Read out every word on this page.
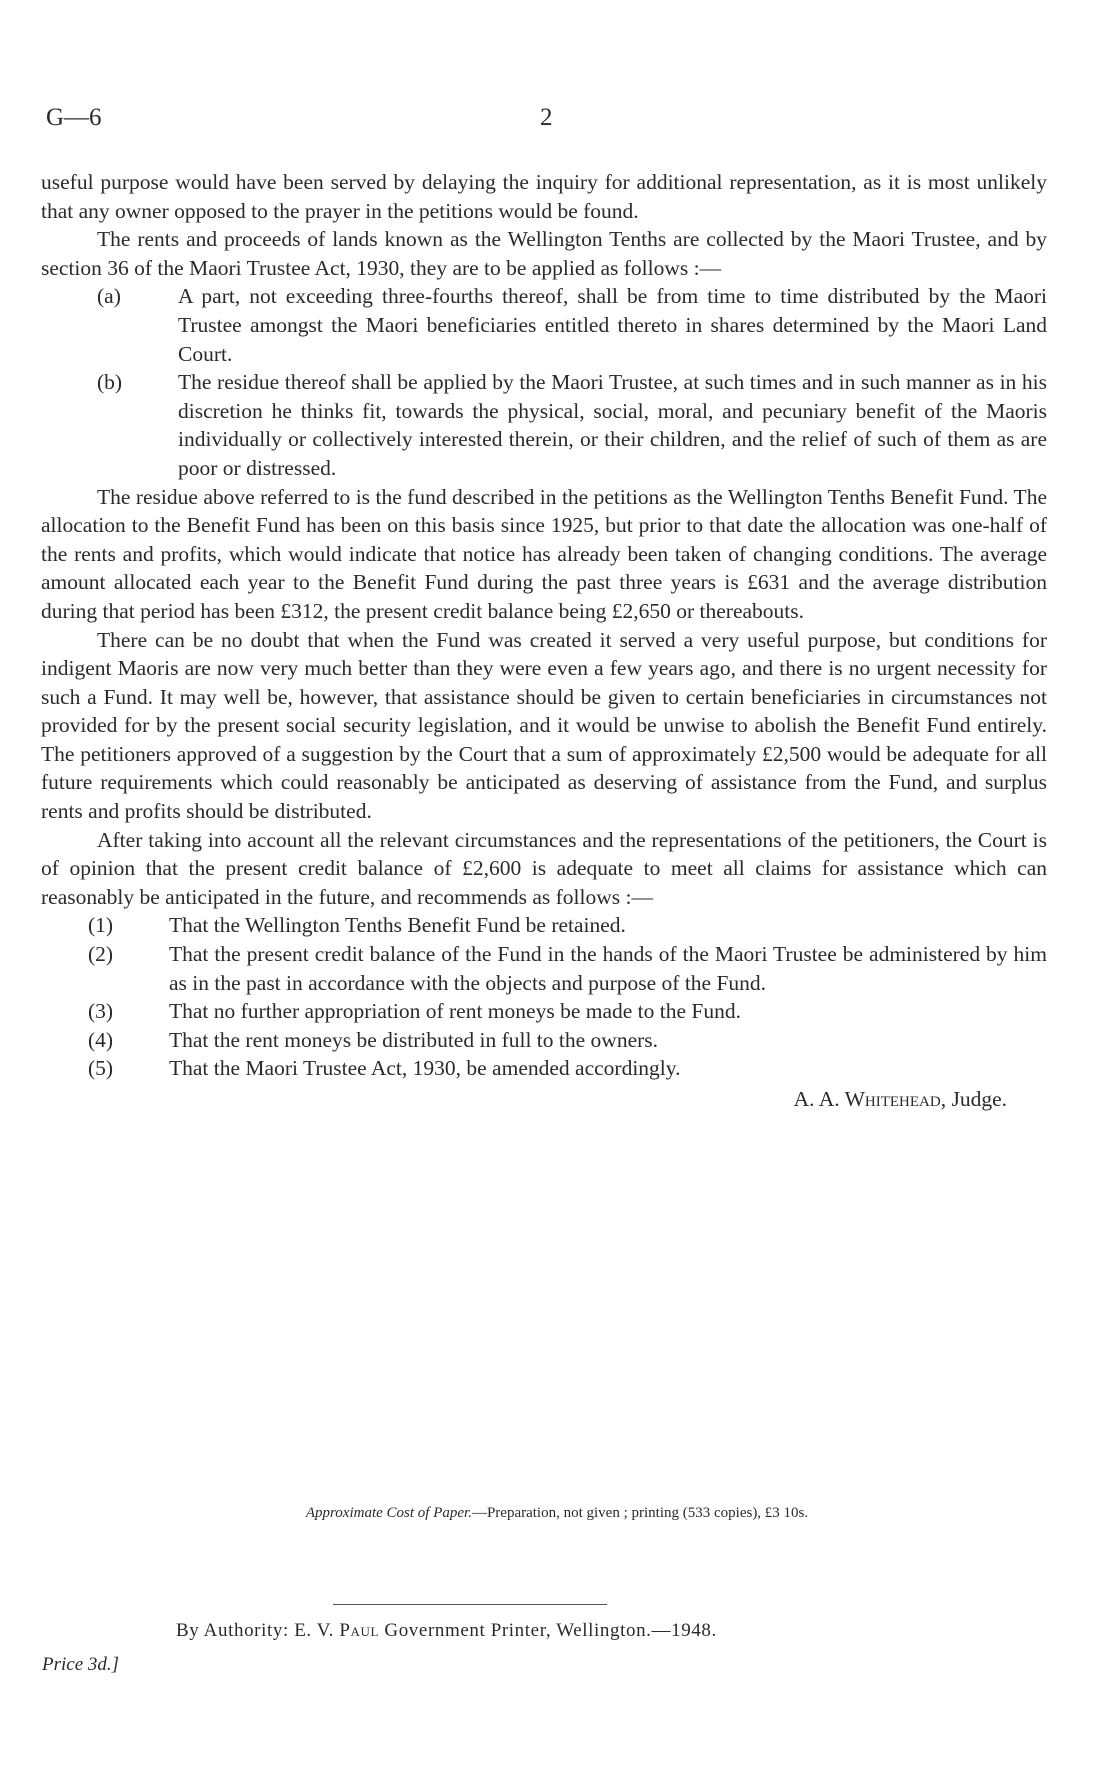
G—6	2

useful purpose would have been served by delaying the inquiry for additional representation, as it is most unlikely that any owner opposed to the prayer in the petitions would be found.

The rents and proceeds of lands known as the Wellington Tenths are collected by the Maori Trustee, and by section 36 of the Maori Trustee Act, 1930, they are to be applied as follows :—

(a)	A part, not exceeding three-fourths thereof, shall be from time to time distributed by the Maori Trustee amongst the Maori beneficiaries entitled thereto in shares determined by the Maori Land Court.
(b)	The residue thereof shall be applied by the Maori Trustee, at such times and in such manner as in his discretion he thinks fit, towards the physical, social, moral, and pecuniary benefit of the Maoris individually or collectively interested therein, or their children, and the relief of such of them as are poor or distressed.

The residue above referred to is the fund described in the petitions as the Wellington Tenths Benefit Fund. The allocation to the Benefit Fund has been on this basis since 1925, but prior to that date the allocation was one-half of the rents and profits, which would indicate that notice has already been taken of changing conditions. The average amount allocated each year to the Benefit Fund during the past three years is £631 and the average distribution during that period has been £312, the present credit balance being £2,650 or thereabouts.

There can be no doubt that when the Fund was created it served a very useful purpose, but conditions for indigent Maoris are now very much better than they were even a few years ago, and there is no urgent necessity for such a Fund. It may well be, however, that assistance should be given to certain beneficiaries in circumstances not provided for by the present social security legislation, and it would be unwise to abolish the Benefit Fund entirely. The petitioners approved of a suggestion by the Court that a sum of approximately £2,500 would be adequate for all future requirements which could reasonably be anticipated as deserving of assistance from the Fund, and surplus rents and profits should be distributed.

After taking into account all the relevant circumstances and the representations of the petitioners, the Court is of opinion that the present credit balance of £2,600 is adequate to meet all claims for assistance which can reasonably be anticipated in the future, and recommends as follows :—

(1)	That the Wellington Tenths Benefit Fund be retained.
(2)	That the present credit balance of the Fund in the hands of the Maori Trustee be administered by him as in the past in accordance with the objects and purpose of the Fund.
(3)	That no further appropriation of rent moneys be made to the Fund.
(4)	That the rent moneys be distributed in full to the owners.
(5)	That the Maori Trustee Act, 1930, be amended accordingly.
A. A. Whitehead, Judge.
Approximate Cost of Paper.—Preparation, not given ; printing (533 copies), £3 10s.
By Authority: E. V. Paul Government Printer, Wellington.—1948.
Price 3d.]
